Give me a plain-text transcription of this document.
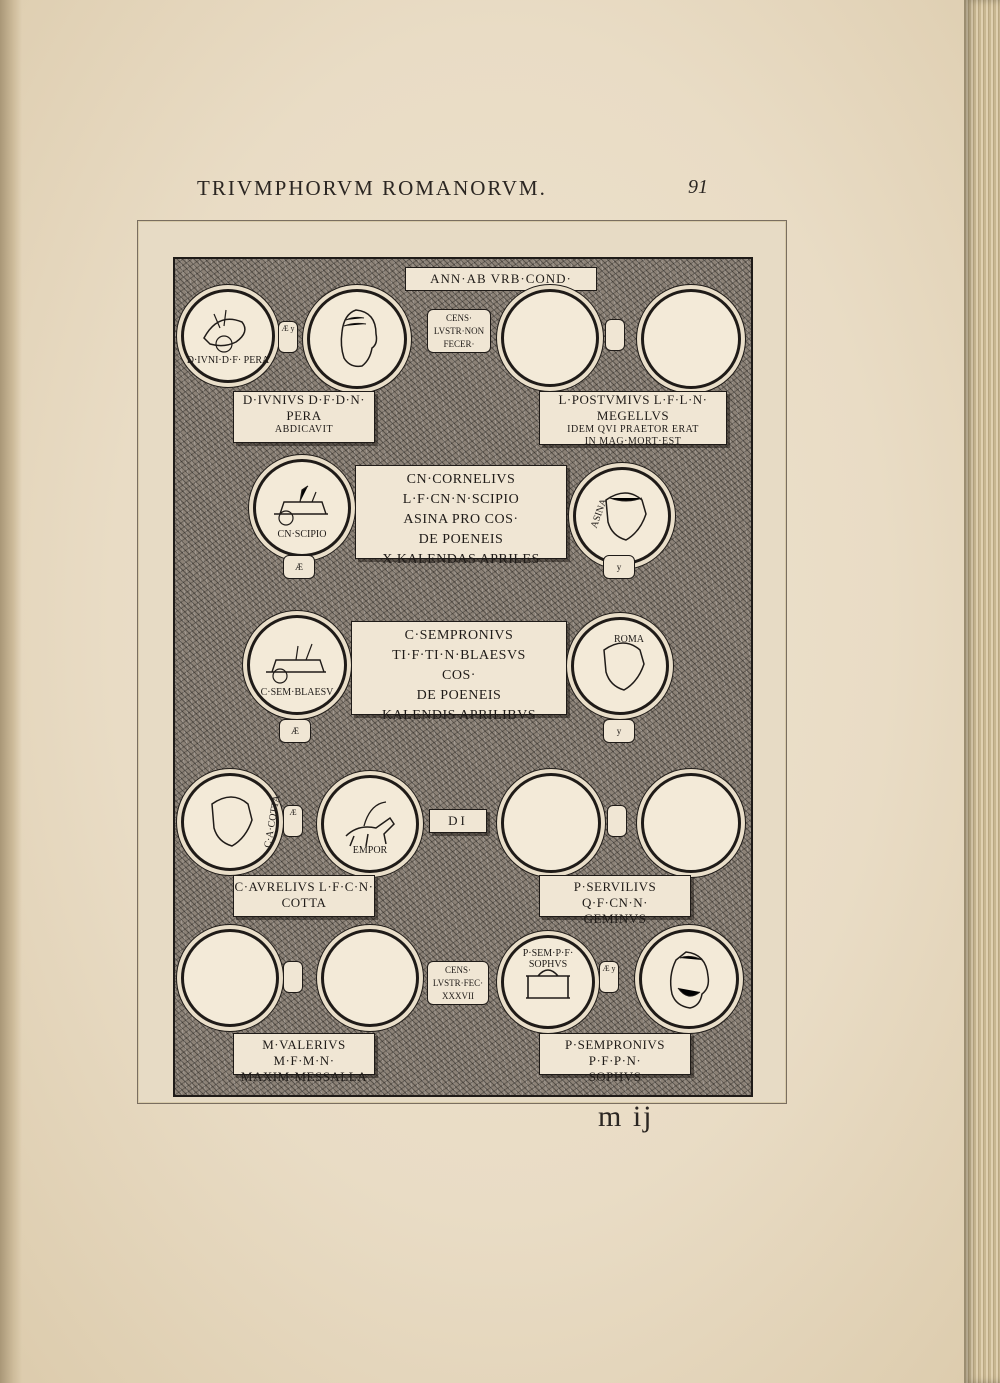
TRIVMPHORVM ROMANORVM.	91
ANN·AB VRB·COND·
D·IVNI·D·F· PERA
Æ y
CENS·
LVSTR·NON
FECER·
D·IVNIVS D·F·D·N·
PERA
ABDICAVIT
L·POSTVMIVS L·F·L·N·
MEGELLVS
IDEM QVI PRAETOR ERAT
IN MAG·MORT·EST
CN·SCIPIO
CN·CORNELIVS L·F·CN·N·SCIPIO
ASINA PRO COS·
DE POENEIS
X KALENDAS APRILES
ASINA
Æ	y
C·SEM·BLAESV
C·SEMPRONIVS TI·F·TI·N·BLAESVS
COS·
DE POENEIS
KALENDIS APRILIBVS
ROMA
Æ	y
C·A·COTTA Æ
EMPOR
DI
C·AVRELIVS L·F·C·N·
COTTA
P·SERVILIVS Q·F·CN·N·
GEMINVS
CENS·
LVSTR·FEC·
XXXVII
P·SEM·P·F· SOPHVS	Æ y
M·VALERIVS M·F·M·N·
MAXIM·MESSALLA
P·SEMPRONIVS P·F·P·N·
SOPHVS
m ij
